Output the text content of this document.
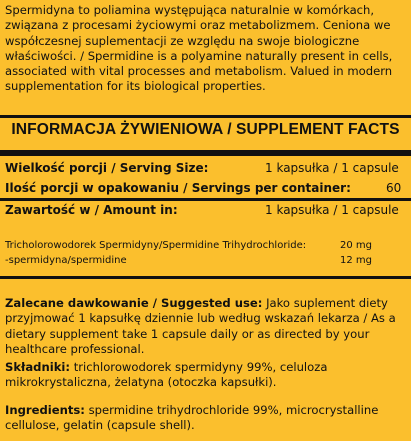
Spermidyna to poliamina występująca naturalnie w komórkach, związana z procesami życiowymi oraz metabolizmem. Ceniona we współczesnej suplementacji ze względu na swoje biologiczne właściwości. / Spermidine is a polyamine naturally present in cells, associated with vital processes and metabolism. Valued in modern supplementation for its biological properties.
INFORMACJA ŻYWIENIOWA / SUPPLEMENT FACTS
Wielkość porcji / Serving Size:	1 kapsułka / 1 capsule
Ilość porcji w opakowaniu / Servings per container:	60
Zawartość w / Amount in:	1 kapsułka / 1 capsule
Tricholorowodorek Spermidyny/Spermidine Trihydrochloride:	20 mg
-spermidyna/spermidine	12 mg
Zalecane dawkowanie / Suggested use: Jako suplement diety przyjmować 1 kapsułkę dziennie lub według wskazań lekarza / As a dietary supplement take 1 capsule daily or as directed by your healthcare professional.
Składniki: trichlorowodorek spermidyny 99%, celuloza mikrokrystaliczna, żelatyna (otoczka kapsułki).
Ingredients: spermidine trihydrochloride 99%, microcrystalline cellulose, gelatin (capsule shell).
